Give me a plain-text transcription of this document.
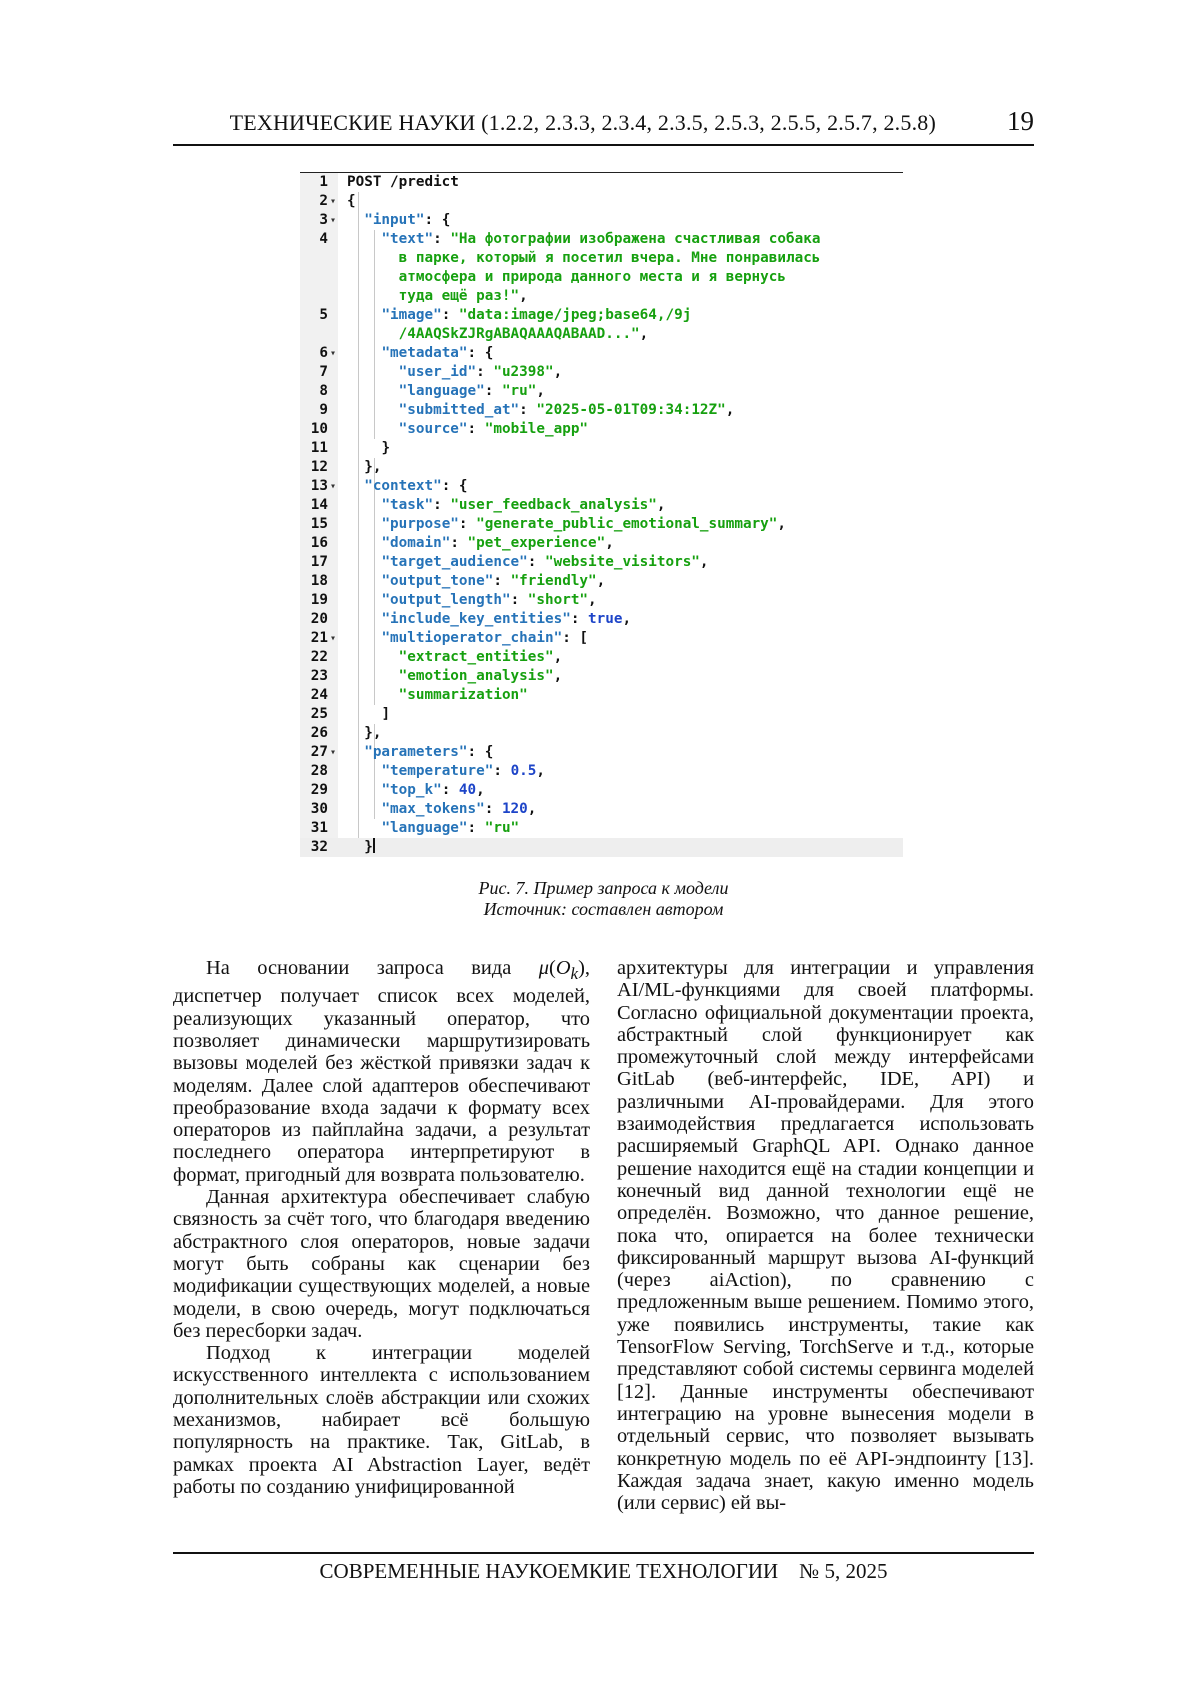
ТЕХНИЧЕСКИЕ НАУКИ (1.2.2, 2.3.3, 2.3.4, 2.3.5, 2.5.3, 2.5.5, 2.5.7, 2.5.8)	19
1 POST /predict
2 ▾ {
3 ▾	"input": {
4	"text": "На фотографии изображена счастливая собака
в парке, который я посетил вчера. Мне понравилась
атмосфера и природа данного места и я вернусь
туда ещё раз!",
5	"image": "data:image/jpeg;base64,/9j
/4AAQSkZJRgABAQAAAQABAAD...",
6 ▾	"metadata": {
7	"user_id": "u2398",
8	"language": "ru",
9	"submitted_at": "2025-05-01T09:34:12Z",
10	"source": "mobile_app"
11	}
12	},
13 ▾	"context": {
14	"task": "user_feedback_analysis",
15	"purpose": "generate_public_emotional_summary",
16	"domain": "pet_experience",
17	"target_audience": "website_visitors",
18	"output_tone": "friendly",
19	"output_length": "short",
20	"include_key_entities": true,
21 ▾	"multioperator_chain": [
22	"extract_entities",
23	"emotion_analysis",
24	"summarization"
25	]
26	},
27 ▾	"parameters": {
28	"temperature": 0.5,
29	"top_k": 40,
30	"max_tokens": 120,
31	"language": "ru"
32	}
Рис. 7. Пример запроса к модели
Источник: составлен автором

На основании запроса вида $\mu(O_k)$, диспетчер получает список всех моделей, реализующих указанный оператор, что позволяет динамически маршрутизировать вызовы моделей без жёсткой привязки задач к моделям. Далее слой адаптеров обеспечивают преобразование входа задачи к формату всех операторов из пайплайна задачи, а результат последнего оператора интерпретируют в формат, пригодный для возврата пользователю.

Данная архитектура обеспечивает слабую связность за счёт того, что благодаря введению абстрактного слоя операторов, новые задачи могут быть собраны как сценарии без модификации существующих моделей, а новые модели, в свою очередь, могут подключаться без пересборки задач.

Подход к интеграции моделей искусственного интеллекта с использованием дополнительных слоёв абстракции или схожих механизмов, набирает всё большую популярность на практике. Так, GitLab, в рамках проекта AI Abstraction Layer, ведёт работы по созданию унифицированной

архитектуры для интеграции и управления AI/ML-функциями для своей платформы. Согласно официальной документации проекта, абстрактный слой функционирует как промежуточный слой между интерфейсами GitLab (веб-интерфейс, IDE, API) и различными AI-провайдерами. Для этого взаимодействия предлагается использовать расширяемый GraphQL API. Однако данное решение находится ещё на стадии концепции и конечный вид данной технологии ещё не определён. Возможно, что данное решение, пока что, опирается на более технически фиксированный маршрут вызова AI-функций (через aiAction), по сравнению с предложенным выше решением. Помимо этого, уже появились инструменты, такие как TensorFlow Serving, TorchServe и т.д., которые представляют собой системы сервинга моделей [12]. Данные инструменты обеспечивают интеграцию на уровне вынесения модели в отдельный сервис, что позволяет вызывать конкретную модель по её API-эндпоинту [13]. Каждая задача знает, какую именно модель (или сервис) ей вы-

СОВРЕМЕННЫЕ НАУКОЕМКИЕ ТЕХНОЛОГИИ № 5, 2025
